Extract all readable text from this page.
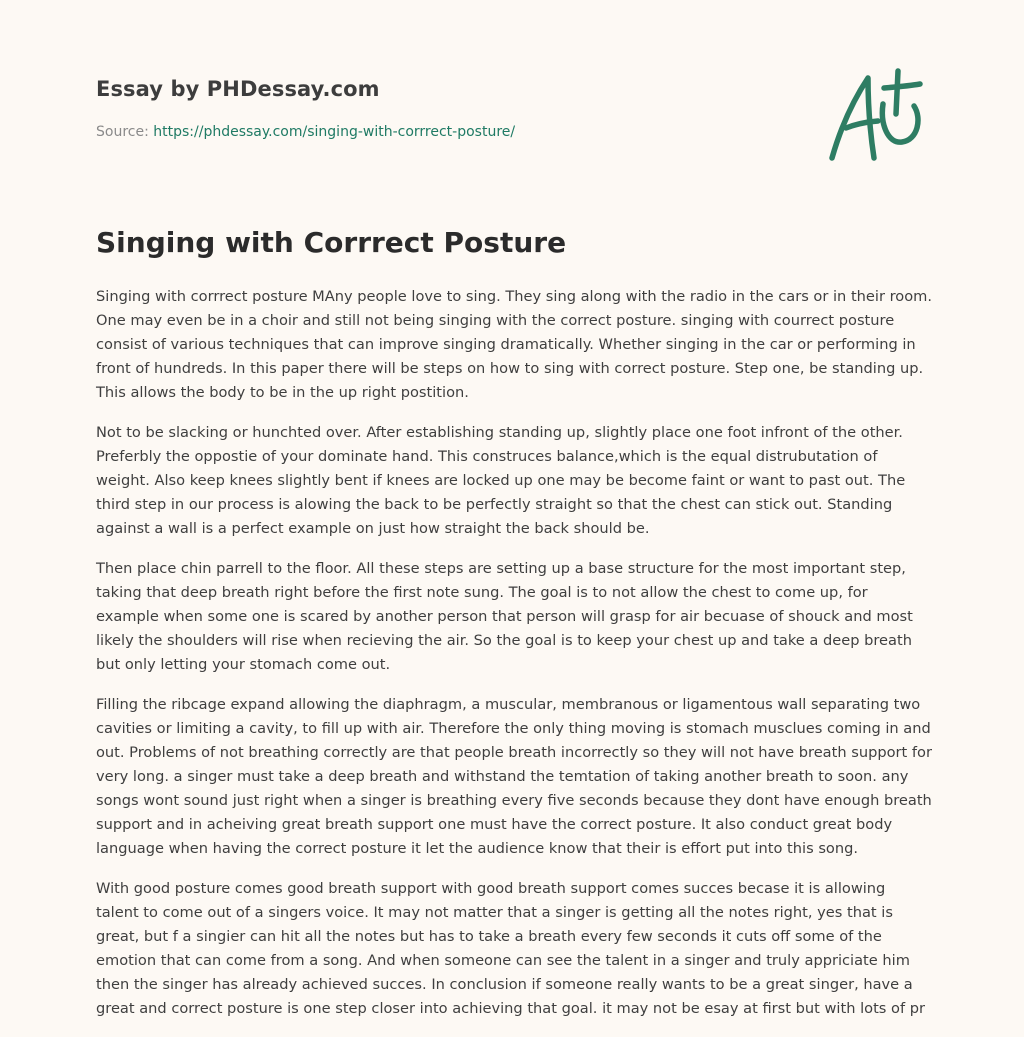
Essay by PHDessay.com
Source: https://phdessay.com/singing-with-corrrect-posture/
Singing with Corrrect Posture

Singing with corrrect posture MAny people love to sing. They sing along with the radio in the cars or in their room. One may even be in a choir and still not being singing with the correct posture. singing with courrect posture consist of various techniques that can improve singing dramatically. Whether singing in the car or performing in front of hundreds. In this paper there will be steps on how to sing with correct posture. Step one, be standing up. This allows the body to be in the up right postition.

Not to be slacking or hunchted over. After establishing standing up, slightly place one foot infront of the other. Preferbly the oppostie of your dominate hand. This construces balance,which is the equal distrubutation of weight. Also keep knees slightly bent if knees are locked up one may be become faint or want to past out. The third step in our process is alowing the back to be perfectly straight so that the chest can stick out. Standing against a wall is a perfect example on just how straight the back should be.

Then place chin parrell to the floor. All these steps are setting up a base structure for the most important step, taking that deep breath right before the first note sung. The goal is to not allow the chest to come up, for example when some one is scared by another person that person will grasp for air becuase of shouck and most likely the shoulders will rise when recieving the air. So the goal is to keep your chest up and take a deep breath but only letting your stomach come out.

Filling the ribcage expand allowing the diaphragm, a muscular, membranous or ligamentous wall separating two cavities or limiting a cavity, to fill up with air. Therefore the only thing moving is stomach musclues coming in and out. Problems of not breathing correctly are that people breath incorrectly so they will not have breath support for very long. a singer must take a deep breath and withstand the temtation of taking another breath to soon. any songs wont sound just right when a singer is breathing every five seconds because they dont have enough breath support and in acheiving great breath support one must have the correct posture. It also conduct great body language when having the correct posture it let the audience know that their is effort put into this song.

With good posture comes good breath support with good breath support comes succes becase it is allowing talent to come out of a singers voice. It may not matter that a singer is getting all the notes right, yes that is great, but f a singier can hit all the notes but has to take a breath every few seconds it cuts off some of the emotion that can come from a song. And when someone can see the talent in a singer and truly appriciate him then the singer has already achieved succes. In conclusion if someone really wants to be a great singer, have a great and correct posture is one step closer into achieving that goal. it may not be esay at first but with lots of pr
